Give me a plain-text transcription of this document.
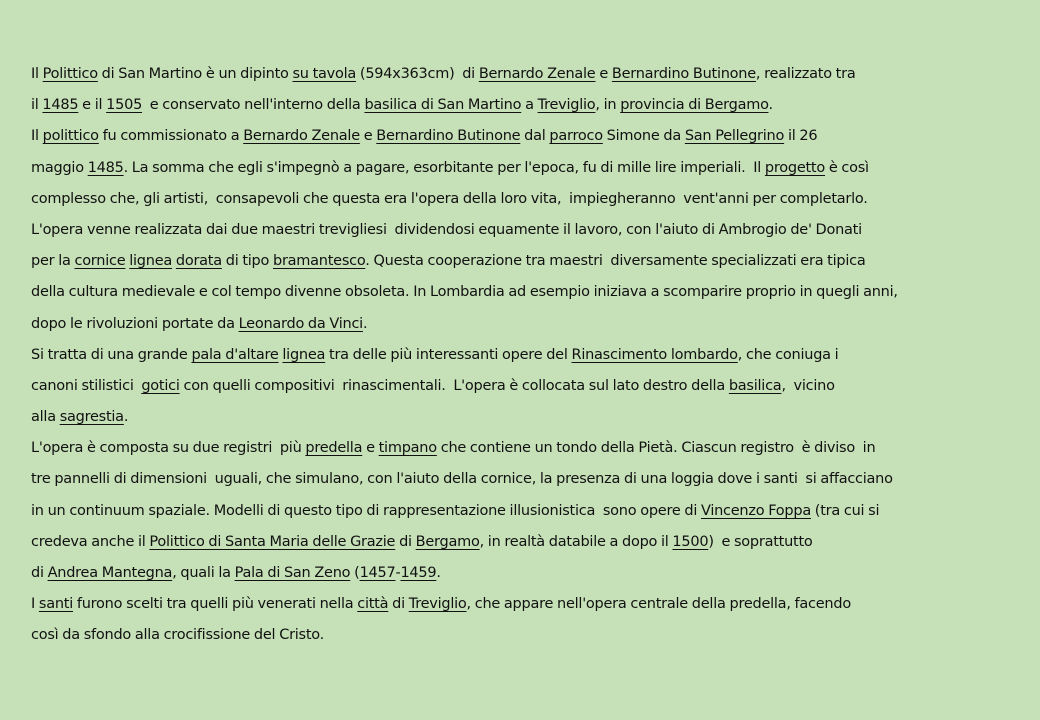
Il Polittico di San Martino è un dipinto su tavola (594x363cm)  di Bernardo Zenale e Bernardino Butinone, realizzato tra
il 1485 e il 1505  e conservato nell'interno della basilica di San Martino a Treviglio, in provincia di Bergamo.
Il polittico fu commissionato a Bernardo Zenale e Bernardino Butinone dal parroco Simone da San Pellegrino il 26
maggio 1485. La somma che egli s'impegnò a pagare, esorbitante per l'epoca, fu di mille lire imperiali.  Il progetto è così
complesso che, gli artisti,  consapevoli che questa era l'opera della loro vita,  impiegheranno  vent'anni per completarlo.
L'opera venne realizzata dai due maestri trevigliesi  dividendosi equamente il lavoro, con l'aiuto di Ambrogio de' Donati
per la cornice lignea dorata di tipo bramantesco. Questa cooperazione tra maestri  diversamente specializzati era tipica
della cultura medievale e col tempo divenne obsoleta. In Lombardia ad esempio iniziava a scomparire proprio in quegli anni,
dopo le rivoluzioni portate da Leonardo da Vinci.
Si tratta di una grande pala d'altare lignea tra delle più interessanti opere del Rinascimento lombardo, che coniuga i
canoni stilistici  gotici con quelli compositivi  rinascimentali.  L'opera è collocata sul lato destro della basilica,  vicino
alla sagrestia.
L'opera è composta su due registri  più predella e timpano che contiene un tondo della Pietà. Ciascun registro  è diviso  in
tre pannelli di dimensioni  uguali, che simulano, con l'aiuto della cornice, la presenza di una loggia dove i santi  si affacciano
in un continuum spaziale. Modelli di questo tipo di rappresentazione illusionistica  sono opere di Vincenzo Foppa (tra cui si
credeva anche il Polittico di Santa Maria delle Grazie di Bergamo, in realtà databile a dopo il 1500)  e soprattutto
di Andrea Mantegna, quali la Pala di San Zeno (1457-1459.
I santi furono scelti tra quelli più venerati nella città di Treviglio, che appare nell'opera centrale della predella, facendo
così da sfondo alla crocifissione del Cristo.
